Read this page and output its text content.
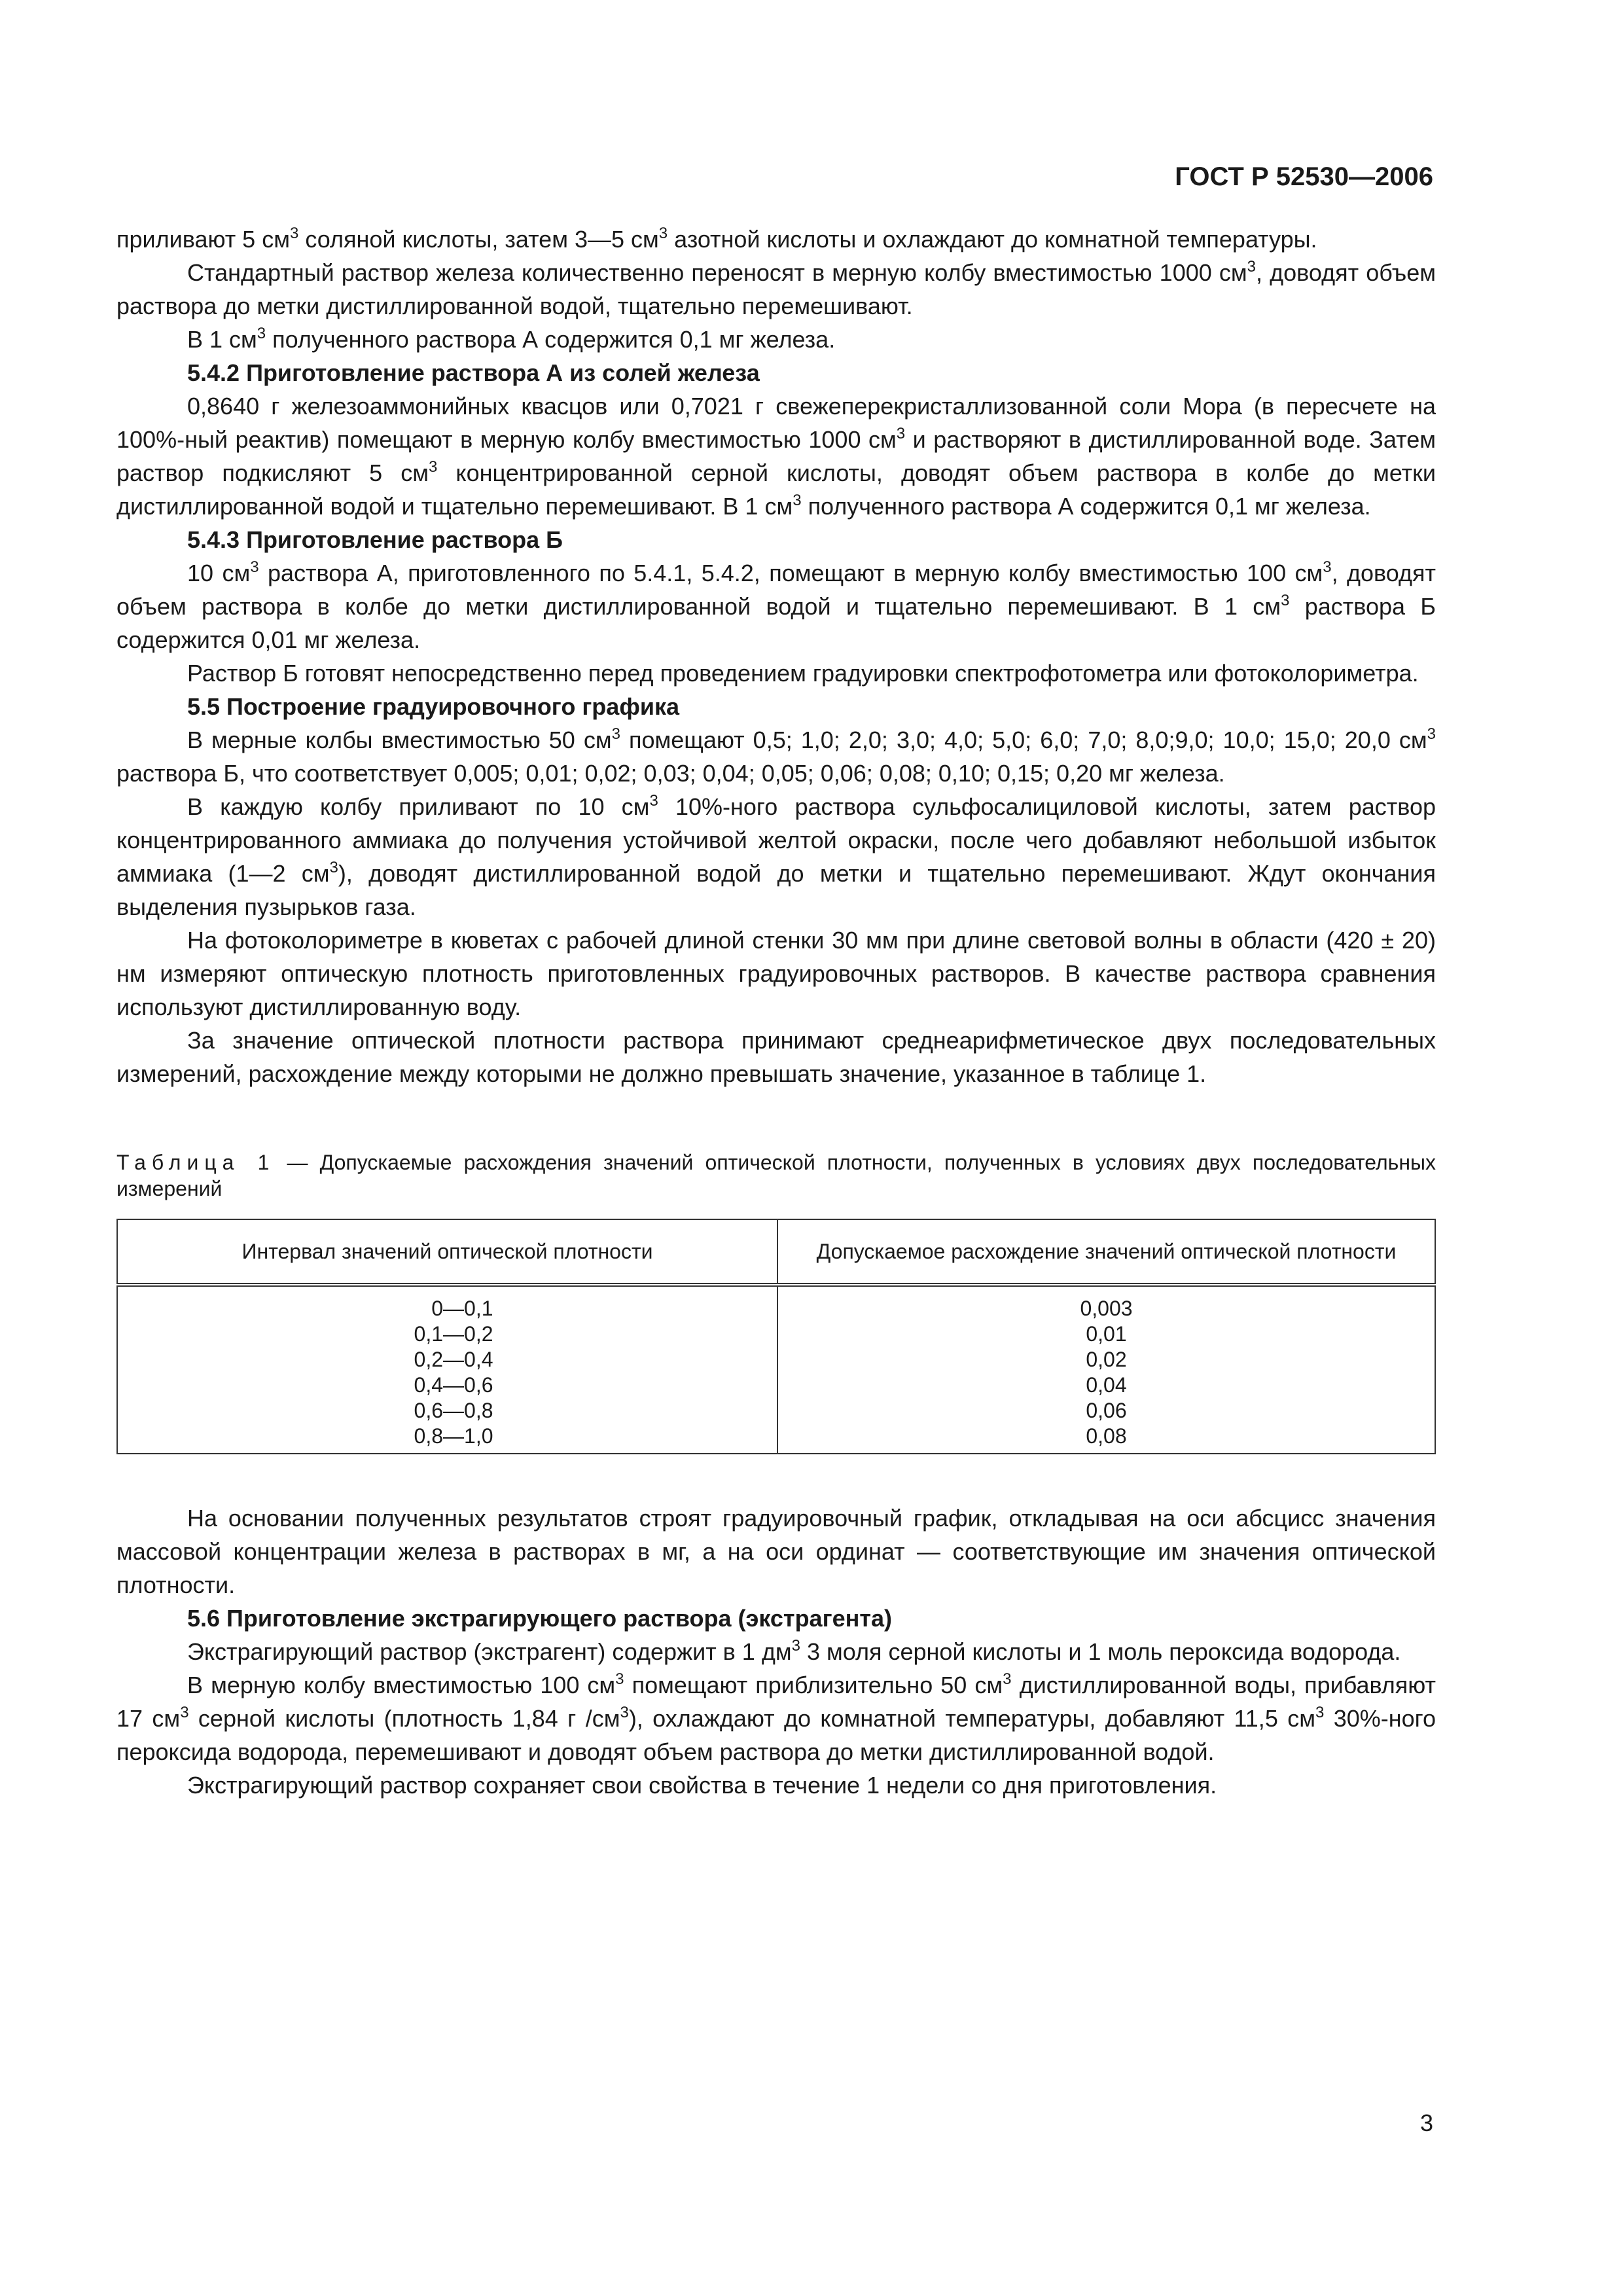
ГОСТ Р 52530—2006

приливают 5 $см^3$ соляной кислоты, затем 3—5 $см^3$ азотной кислоты и охлаждают до комнатной температуры.

Стандартный раствор железа количественно переносят в мерную колбу вместимостью 1000 $см^3$, доводят объем раствора до метки дистиллированной водой, тщательно перемешивают.

В 1 $см^3$ полученного раствора А содержится 0,1 мг железа.

5.4.2 Приготовление раствора А из солей железа

0,8640 г железоаммонийных квасцов или 0,7021 г свежеперекристаллизованной соли Мора (в пересчете на 100%-ный реактив) помещают в мерную колбу вместимостью 1000 $см^3$ и растворяют в дистиллированной воде. Затем раствор подкисляют 5 $см^3$ концентрированной серной кислоты, доводят объем раствора в колбе до метки дистиллированной водой и тщательно перемешивают. В 1 $см^3$ полученного раствора А содержится 0,1 мг железа.

5.4.3 Приготовление раствора Б

10 $см^3$ раствора А, приготовленного по 5.4.1, 5.4.2, помещают в мерную колбу вместимостью 100 $см^3$, доводят объем раствора в колбе до метки дистиллированной водой и тщательно перемешивают. В 1 $см^3$ раствора Б содержится 0,01 мг железа.

Раствор Б готовят непосредственно перед проведением градуировки спектрофотометра или фотоколориметра.

5.5 Построение градуировочного графика

В мерные колбы вместимостью 50 $см^3$ помещают 0,5; 1,0; 2,0; 3,0; 4,0; 5,0; 6,0; 7,0; 8,0;9,0; 10,0; 15,0; 20,0 $см^3$ раствора Б, что соответствует 0,005; 0,01; 0,02; 0,03; 0,04; 0,05; 0,06; 0,08; 0,10; 0,15; 0,20 мг железа.

В каждую колбу приливают по 10 $см^3$ 10%-ного раствора сульфосалициловой кислоты, затем раствор концентрированного аммиака до получения устойчивой желтой окраски, после чего добавляют небольшой избыток аммиака (1—2 $см^3$), доводят дистиллированной водой до метки и тщательно перемешивают. Ждут окончания выделения пузырьков газа.

На фотоколориметре в кюветах с рабочей длиной стенки 30 мм при длине световой волны в области (420 ± 20) нм измеряют оптическую плотность приготовленных градуировочных растворов. В качестве раствора сравнения используют дистиллированную воду.

За значение оптической плотности раствора принимают среднеарифметическое двух последовательных измерений, расхождение между которыми не должно превышать значение, указанное в таблице 1.

Таблица 1 — Допускаемые расхождения значений оптической плотности, полученных в условиях двух последовательных измерений

Интервал значений оптической плотности	Допускаемое расхождение значений оптической плотности
0—0,1	0,003
0,1—0,2	0,01
0,2—0,4	0,02
0,4—0,6	0,04
0,6—0,8	0,06
0,8—1,0	0,08

На основании полученных результатов строят градуировочный график, откладывая на оси абсцисс значения массовой концентрации железа в растворах в мг, а на оси ординат — соответствующие им значения оптической плотности.

5.6 Приготовление экстрагирующего раствора (экстрагента)

Экстрагирующий раствор (экстрагент) содержит в 1 $дм^3$ 3 моля серной кислоты и 1 моль пероксида водорода.

В мерную колбу вместимостью 100 $см^3$ помещают приблизительно 50 $см^3$ дистиллированной воды, прибавляют 17 $см^3$ серной кислоты (плотность 1,84 г $/см^3$), охлаждают до комнатной температуры, добавляют 11,5 $см^3$ 30%-ного пероксида водорода, перемешивают и доводят объем раствора до метки дистиллированной водой.

Экстрагирующий раствор сохраняет свои свойства в течение 1 недели со дня приготовления.

3
